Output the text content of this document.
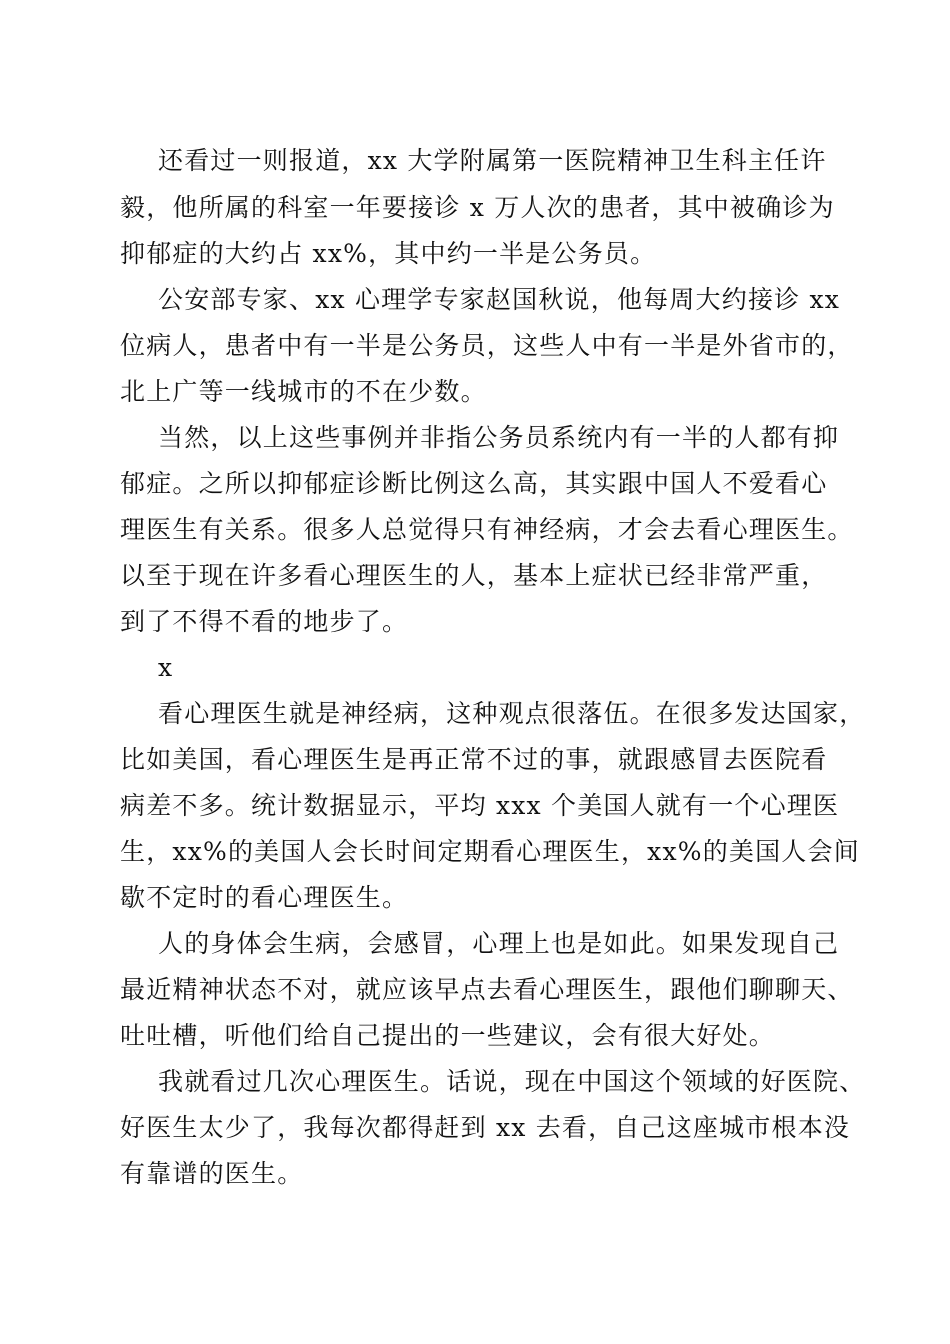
还看过一则报道，xx 大学附属第一医院精神卫生科主任许
毅，他所属的科室一年要接诊 x 万人次的患者，其中被确诊为
抑郁症的大约占 xx%，其中约一半是公务员。
公安部专家、xx 心理学专家赵国秋说，他每周大约接诊 xx
位病人，患者中有一半是公务员，这些人中有一半是外省市的，
北上广等一线城市的不在少数。
当然，以上这些事例并非指公务员系统内有一半的人都有抑
郁症。之所以抑郁症诊断比例这么高，其实跟中国人不爱看心
理医生有关系。很多人总觉得只有神经病，才会去看心理医生。
以至于现在许多看心理医生的人，基本上症状已经非常严重，
到了不得不看的地步了。
x
看心理医生就是神经病，这种观点很落伍。在很多发达国家，
比如美国，看心理医生是再正常不过的事，就跟感冒去医院看
病差不多。统计数据显示，平均 xxx 个美国人就有一个心理医
生，xx%的美国人会长时间定期看心理医生，xx%的美国人会间
歇不定时的看心理医生。
人的身体会生病，会感冒，心理上也是如此。如果发现自己
最近精神状态不对，就应该早点去看心理医生，跟他们聊聊天、
吐吐槽，听他们给自己提出的一些建议，会有很大好处。
我就看过几次心理医生。话说，现在中国这个领域的好医院、
好医生太少了，我每次都得赶到 xx 去看，自己这座城市根本没
有靠谱的医生。
